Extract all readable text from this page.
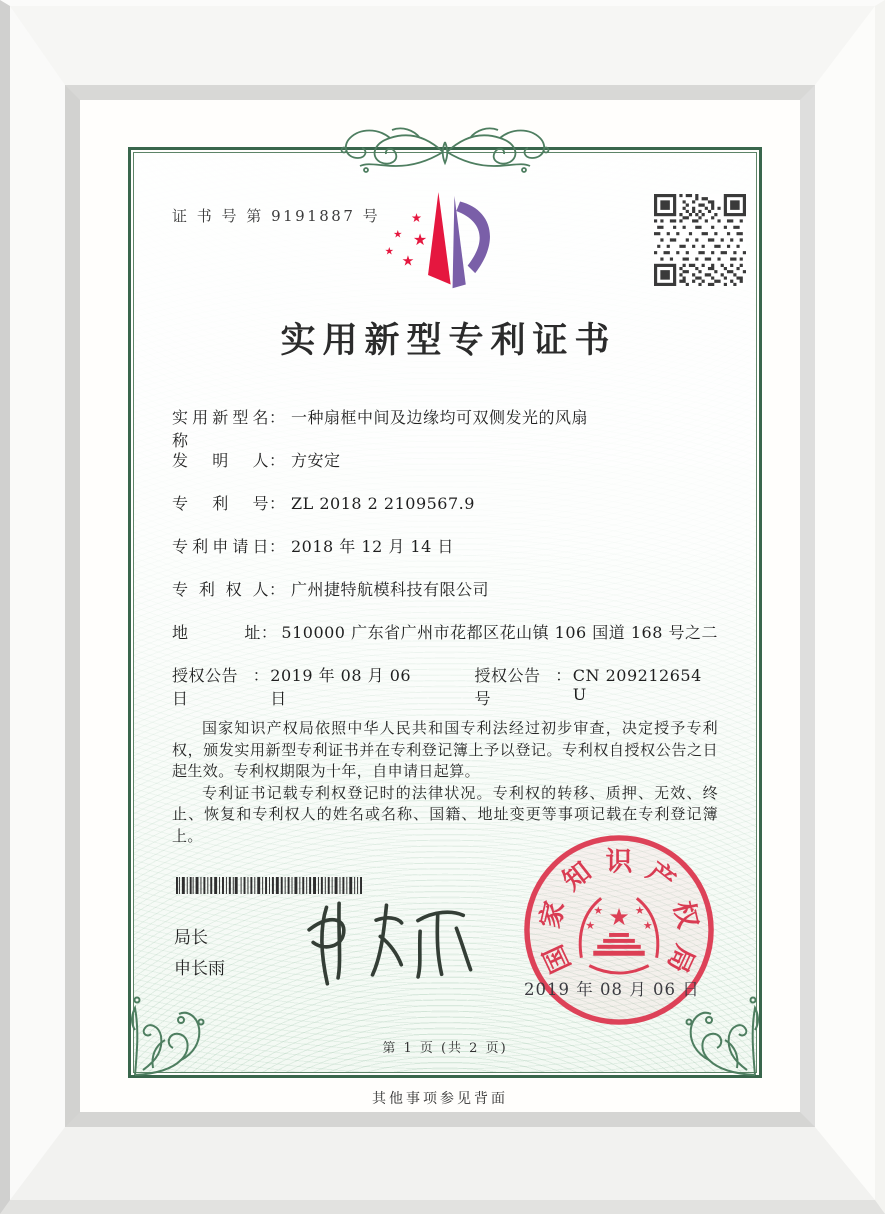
证 书 号 第 9191887 号 ★
★ ★
★
★
实用新型专利证书
实用新型名称
： 一种扇框中间及边缘均可双侧发光的风扇
发明人 ： 方安定
专利号 ： ZL 2018 2 2109567.9
专利申请日 ： 2018 年 12 月 14 日
专利权人 ： 广州捷特航模科技有限公司
地址 ： 510000 广东省广州市花都区花山镇 106 国道 168 号之二
授权公告日
： 2019 年 08 月 06 日
授权公告号
： CN 209212654 U

国家知识产权局依照中华人民共和国专利法经过初步审查，决定授予专利权，颁发实用新型专利证书并在专利登记簿上予以登记。专利权自授权公告之日起生效。专利权期限为十年，自申请日起算。

专利证书记载专利权登记时的法律状况。专利权的转移、质押、无效、终止、恢复和专利权人的姓名或名称、国籍、地址变更等事项记载在专利登记簿上。

局长
申长雨	国
家
知 识 产
权
局
★
★	★
★	★
2019 年 08 月 06 日
第 1 页 (共 2 页)
其他事项参见背面
